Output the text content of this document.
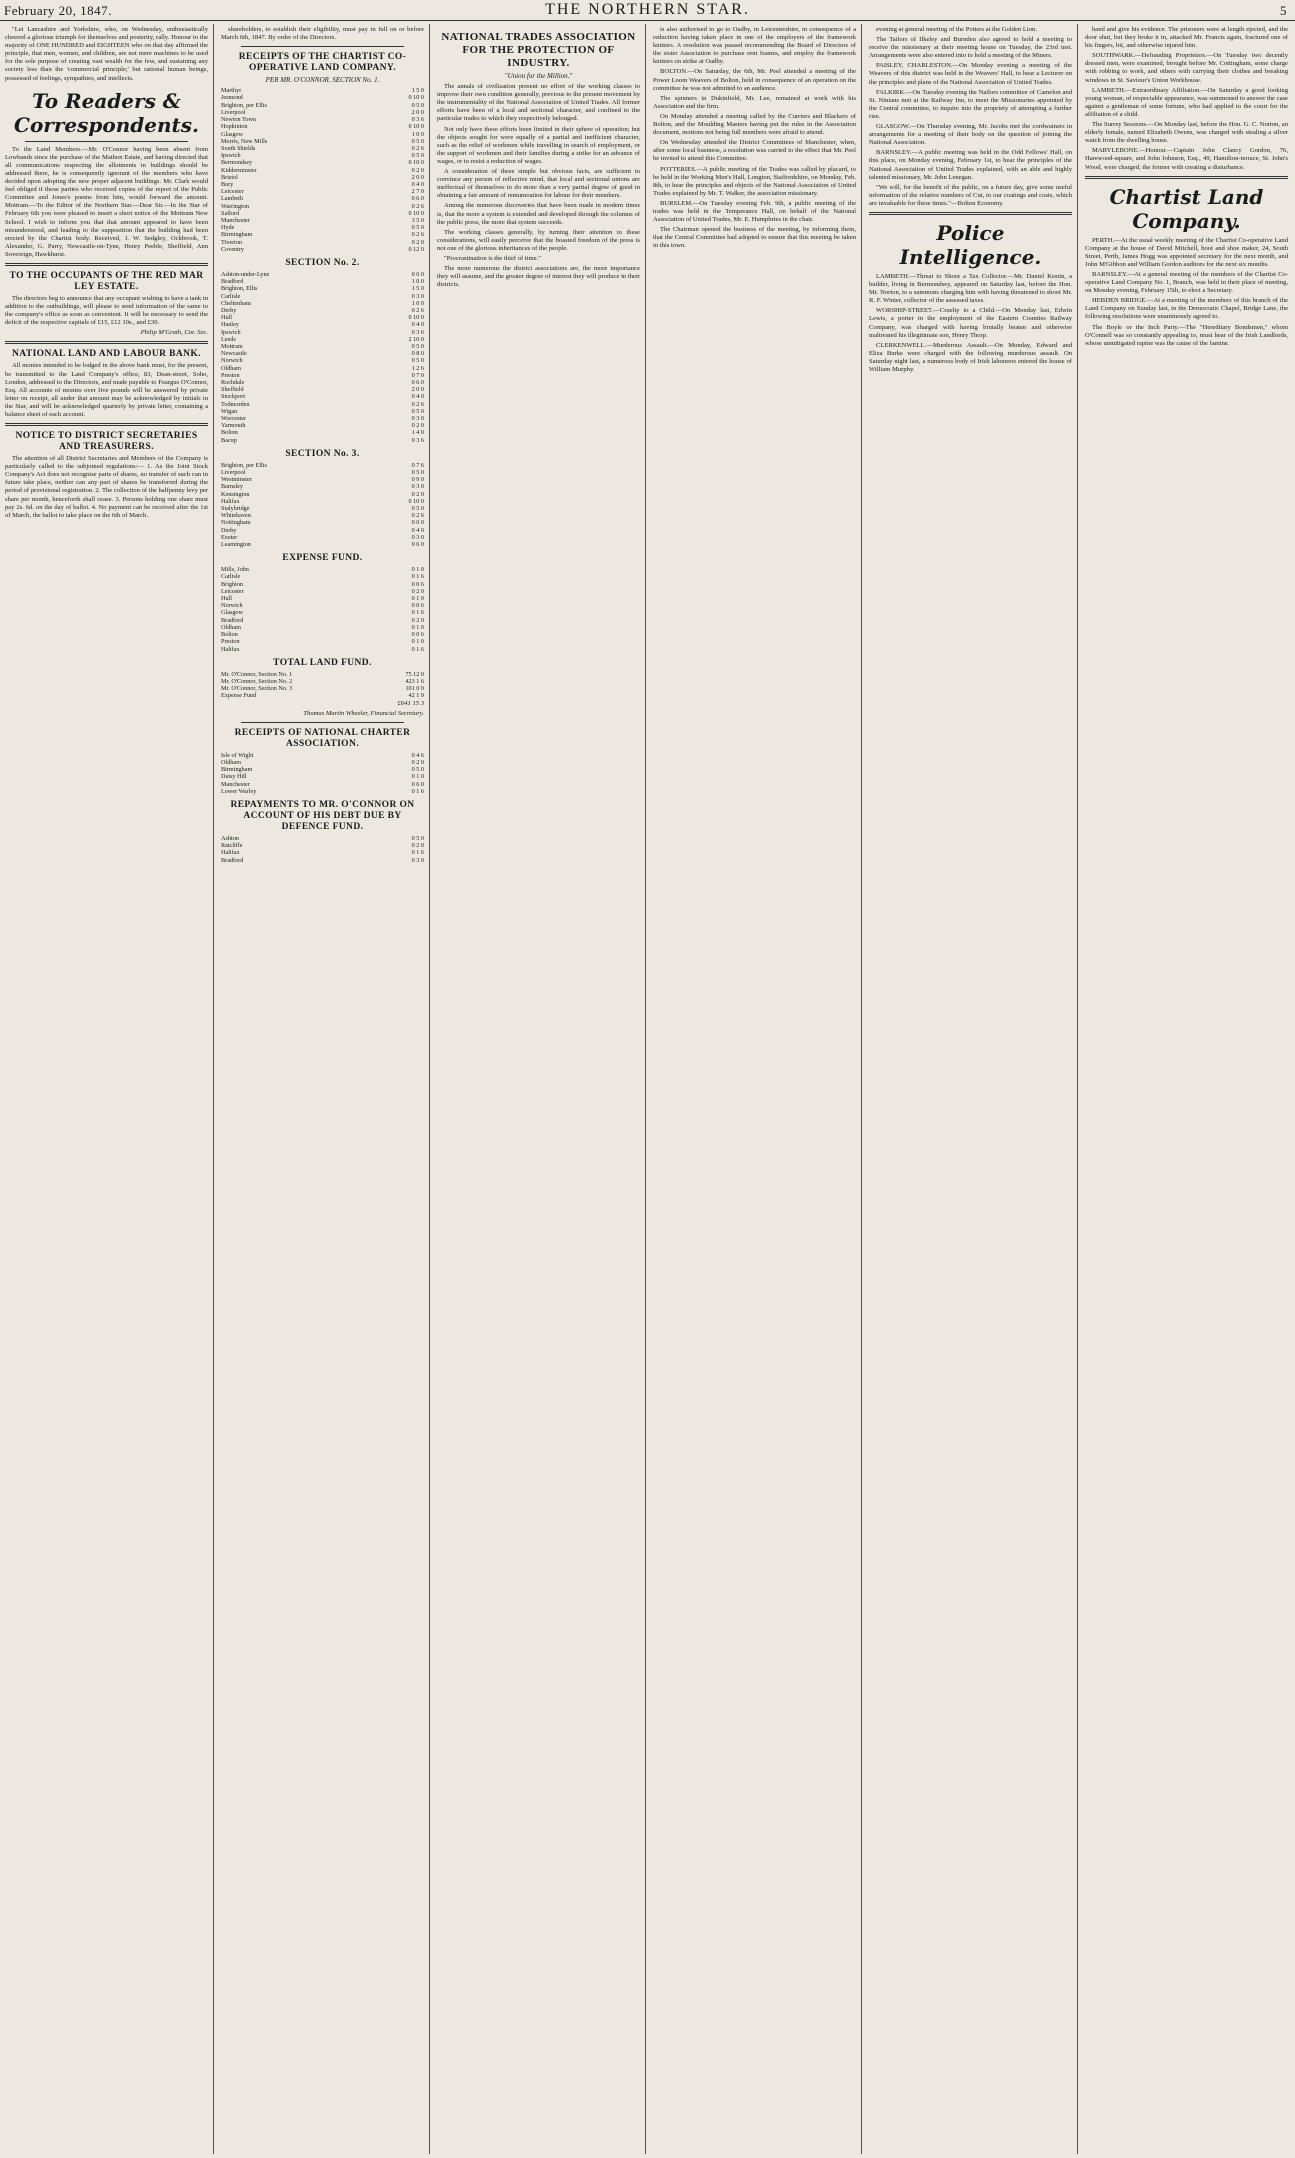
February 20, 1847.	THE NORTHERN STAR.	5

"Let Lancashire and Yorkshire, who, on Wednesday, enthusiastically cheered a glorious triumph for themselves and posterity, rally. Honour to the majority of ONE HUNDRED and EIGHTEEN who on that day affirmed the principle, that men, women, and children, are not mere machines to be used for the sole purpose of creating vast wealth for the few, and sustaining any society less than the 'commercial principle;' but rational human beings, possessed of feelings, sympathies, and intellects.

To Readers & Correspondents.

To the Land Members.—Mr. O'Connor having been absent from Lowbands since the purchase of the Mathon Estate, and having directed that all communications respecting the allotments in buildings should be addressed there, he is consequently ignorant of the members who have decided upon adopting the new proper adjacent buildings. Mr. Clark would feel obliged if those parties who received copies of the report of the Public Committee and Jones's poems from him, would forward the amount. Mottram.—To the Editor of the Northern Star.—Dear Sir.—In the Star of February 6th you were pleased to insert a short notice of the Mottram New School. I wish to inform you that that amount appeared to have been misunderstood, and leading to the supposition that the building had been erected by the Chartist body. Received, J. W. Sedgley, Ockbrook, T. Alexander, G. Parry, Newcastle-on-Tyne, Henry Peeble, Sheffield, Ann Sovereign, Hawkhurst.

TO THE OCCUPANTS OF THE RED MAR LEY ESTATE.

The directors beg to announce that any occupant wishing to have a tank in addition to the outbuildings, will please to send information of the same to the company's office as soon as convenient. It will be necessary to send the deficit of the respective capitals of £15, £12 10s., and £30.

Philip M'Grath, Cor. Sec.

NATIONAL LAND AND LABOUR BANK.

All monies intended to be lodged in the above bank must, for the present, be transmitted to the Land Company's office, 83, Dean-street, Soho, London, addressed to the Directors, and made payable to Feargus O'Connor, Esq. All accounts of monies over five pounds will be answered by private letter on receipt, all under that amount may be acknowledged by initials in the Star, and will be acknowledged quarterly by private letter, containing a balance sheet of each account.

NOTICE TO DISTRICT SECRETARIES AND TREASURERS.

The attention of all District Secretaries and Members of the Company is particularly called to the subjoined regulations:— 1. As the Joint Stock Company's Act does not recognise parts of shares, no transfer of such can in future take place, neither can any part of shares be transferred during the period of provisional registration. 2. The collection of the halfpenny levy per share per month, henceforth shall cease. 3. Persons holding one share must pay 2s. 6d. on the day of ballot. 4. No payment can be received after the 1st of March, the ballot to take place on the 6th of March.

shareholders, to establish their eligibility, must pay in full on or before March 6th, 1847. By order of the Directors.

RECEIPTS OF THE CHARTIST CO-OPERATIVE LAND COMPANY.
PER MR. O'CONNOR. SECTION No. 1.
Marthyr	1 5 0
Jesmond	0 10 0
Brighton, per Ellis	0 5 0
Liverpool	2 0 0
Newton Town	0 3 6
Hopkinton	0 10 0
Glasgow	1 0 0
Morris, New Mills	0 5 0
South Shields	0 2 6
Ipswich	0 5 0
Bermondsey	0 10 0
Kidderminster	0 2 0
Bristol	2 0 0
Bury	0 4 0
Leicester	2 7 0
Lambeth	0 6 0
Warrington	0 2 6
Salford	0 10 0
Manchester	3 5 0
Hyde	0 5 0
Birmingham	0 2 6
Tiverton	0 2 0
Coventry	0 12 0
SECTION No. 2.
Ashton-under-Lyne	0 6 0
Bradford	1 0 0
Brighton, Ellis	1 5 0
Carlisle	0 3 0
Cheltenham	1 0 0
Derby	0 2 6
Hull	0 10 0
Hanley	0 4 0
Ipswich	0 3 6
Leeds	2 10 0
Mottram	0 5 0
Newcastle	0 8 0
Norwich	0 5 0
Oldham	1 2 6
Preston	0 7 0
Rochdale	0 6 0
Sheffield	2 0 0
Stockport	0 4 0
Todmorden	0 2 6
Wigan	0 5 0
Worcester	0 3 0
Yarmouth	0 2 0
Bolton	1 4 0
Bacup	0 3 6
SECTION No. 3.
Brighton, per Ellis	0 7 6
Liverpool	0 5 0
Westminster	0 9 0
Barnsley	0 3 0
Kensington	0 2 0
Halifax	0 10 0
Stalybridge	0 5 0
Whitehaven	0 2 6
Nottingham	0 6 0
Derby	0 4 0
Exeter	0 3 0
Leamington	0 6 0
EXPENSE FUND.
Mills, John	0 1 0
Carlisle	0 1 6
Brighton	0 0 6
Leicester	0 2 0
Hull	0 1 0
Norwich	0 0 6
Glasgow	0 1 6
Bradford	0 2 0
Oldham	0 1 0
Bolton	0 0 6
Preston	0 1 0
Halifax	0 1 6
TOTAL LAND FUND.
Mr. O'Connor, Section No. 1	75 12 0
Mr. O'Connor, Section No. 2	423 1 6
Mr. O'Connor, Section No. 3	101 0 0
Expense Fund	42 1 9

£641 15 3

Thomas Martin Wheeler, Financial Secretary.

RECEIPTS OF NATIONAL CHARTER ASSOCIATION.
Isle of Wight	0 4 6
Oldham	0 2 0
Birmingham	0 5 0
Daisy Hill	0 1 0
Manchester	0 6 0
Lower Warley	0 1 6
REPAYMENTS TO MR. O'CONNOR ON ACCOUNT OF HIS DEBT DUE BY DEFENCE FUND.
Ashton	0 5 0
Ratcliffe	0 2 0
Halifax	0 1 6
Bradford	0 3 0
NATIONAL TRADES ASSOCIATION FOR THE PROTECTION OF INDUSTRY.
"Union for the Million."

The annals of civilisation present no effort of the working classes to improve their own condition generally, previous to the present movement by the instrumentality of the National Association of United Trades. All former efforts have been of a local and sectional character, and confined to the particular trades to which they respectively belonged.

Not only have these efforts been limited in their sphere of operation; but the objects sought for were equally of a partial and inefficient character, such as the relief of workmen while travelling in search of employment, or the support of workmen and their families during a strike for an advance of wages, or to resist a reduction of wages.

A consideration of these simple but obvious facts, are sufficient to convince any person of reflective mind, that local and sectional unions are ineffectual of themselves to do more than a very partial degree of good in obtaining a fair amount of remuneration for labour for their members.

Among the numerous discoveries that have been made in modern times is, that the more a system is extended and developed through the columns of the public press, the more that system succeeds.

The working classes generally, by turning their attention to these considerations, will easily perceive that the boasted freedom of the press is not one of the glorious inheritances of the people.

"Procrastination is the thief of time."

The more numerous the district associations are, the more importance they will assume, and the greater degree of interest they will produce in their districts.

is also authorised to go to Oadby, in Leicestershire, in consequence of a reduction having taken place in one of the employers of the framework knitters. A resolution was passed recommending the Board of Directors of the sister Association to purchase rent frames, and employ the framework knitters on strike at Oadby.

BOLTON.—On Saturday, the 6th, Mr. Peel attended a meeting of the Power Loom Weavers of Bolton, held in consequence of an operation on the committee he was not admitted to an audience.

The spinners in Dukinfield, Mr. Lee, remained at work with his Association and the firm.

On Monday attended a meeting called by the Curriers and Blackers of Bolton, and the Moulding Masters having put the rules in the Association document, motions not being full members were afraid to attend.

On Wednesday attended the District Committees of Manchester, when, after some local business, a resolution was carried to the effect that Mr. Peel be invited to attend this Committee.

POTTERIES.—A public meeting of the Trades was called by placard, to be held in the Working Men's Hall, Longton, Staffordshire, on Monday, Feb. 8th, to hear the principles and objects of the National Association of United Trades explained by Mr. T. Walker, the association missionary.

BURSLEM.—On Tuesday evening Feb. 9th, a public meeting of the trades was held in the Temperance Hall, on behalf of the National Association of United Trades, Mr. E. Humphries in the chair.

The Chairman opened the business of the meeting, by informing them, that the Central Committee had adopted to ensure that this meeting be taken in this town.

evening at general meeting of the Potters at the Golden Lion.

The Tailors of Ilkeley and Burnden also agreed to hold a meeting to receive the missionary at their meeting house on Tuesday, the 23rd inst. Arrangements were also entered into to hold a meeting of the Miners.

PAISLEY, CHARLESTON.—On Monday evening a meeting of the Weavers of this district was held in the Weavers' Hall, to hear a Lecturer on the principles and plans of the National Association of United Trades.

FALKIRK.—On Tuesday evening the Nailors committee of Camelon and St. Ninians met at the Railway Inn, to meet the Missionaries appointed by the Central committee, to inquire into the propriety of attempting a further rise.

GLASGOW.—On Thursday evening, Mr. Jacobs met the cordwainers in arrangements for a meeting of their body on the question of joining the National Association.

BARNSLEY.—A public meeting was held in the Odd Fellows' Hall, on this place, on Monday evening, February 1st, to hear the principles of the National Association of United Trades explained, with an able and highly talented missionary, Mr. John Lenegan.

"We will, for the benefit of the public, on a future day, give some useful information of the relative numbers of Cut, to our coatings and costs, which are invaluable for these times."—Bolton Economy.

Police Intelligence.

LAMBETH.—Threat to Shoot a Tax Collector.—Mr. Daniel Kestin, a builder, living in Bermondsey, appeared on Saturday last, before the Hon. Mr. Norton, to a summons charging him with having threatened to shoot Mr. R. F. Winter, collector of the assessed taxes.

WORSHIP-STREET.—Cruelty to a Child.—On Monday last, Edwin Lewis, a porter in the employment of the Eastern Counties Railway Company, was charged with having brutally beaten and otherwise maltreated his illegitimate son, Henry Thorp.

CLERKENWELL.—Murderous Assault.—On Monday, Edward and Eliza Burke were charged with the following murderous assault. On Saturday night last, a numerous body of Irish labourers entered the house of William Murphy.

hand and give his evidence. The prisoners were at length ejected, and the door shut, but they broke it in, attacked Mr. Francis again, fractured one of his fingers, bit, and otherwise injured him.

SOUTHWARK.—Defrauding Proprietors.—On Tuesday two decently dressed men, were examined, brought before Mr. Cottingham, some charge with robbing to work, and others with carrying their clothes and breaking windows in St. Saviour's Union Workhouse.

LAMBETH.—Extraordinary Affiliation.—On Saturday a good looking young woman, of respectable appearance, was summoned to answer the case against a gentleman of some fortune, who had applied to the court for the affiliation of a child.

The Surrey Sessions.—On Monday last, before the Hon. G. C. Norton, an elderly female, named Elizabeth Owens, was charged with stealing a silver watch from the dwelling house.

MARYLEBONE.—Honour.—Captain John Clancy Gordon, 76, Harewood-square, and John Johnson, Esq., 49, Hamilton-terrace, St. John's Wood, were charged, the former with creating a disturbance.

Chartist Land Company.

PERTH.—At the usual weekly meeting of the Chartist Co-operative Land Company at the house of David Mitchell, boot and shoe maker, 24, South Street, Perth, James Hogg was appointed secretary for the next month, and John M'Gibbon and William Gordon auditors for the next six months.

BARNSLEY.—At a general meeting of the members of the Chartist Co-operative Land Company No. 1, Branch, was held in their place of meeting, on Monday evening, February 15th, to elect a Secretary.

HEBDEN BRIDGE.—At a meeting of the members of this branch of the Land Company on Sunday last, in the Democratic Chapel, Bridge Lane, the following resolutions were unanimously agreed to.

The Boyle or the Inch Party.—The "Hereditary Bondsmen," whom O'Connell was so constantly appealing to, must hear of the Irish Landlords, whose unmitigated rapine was the cause of the famine.
